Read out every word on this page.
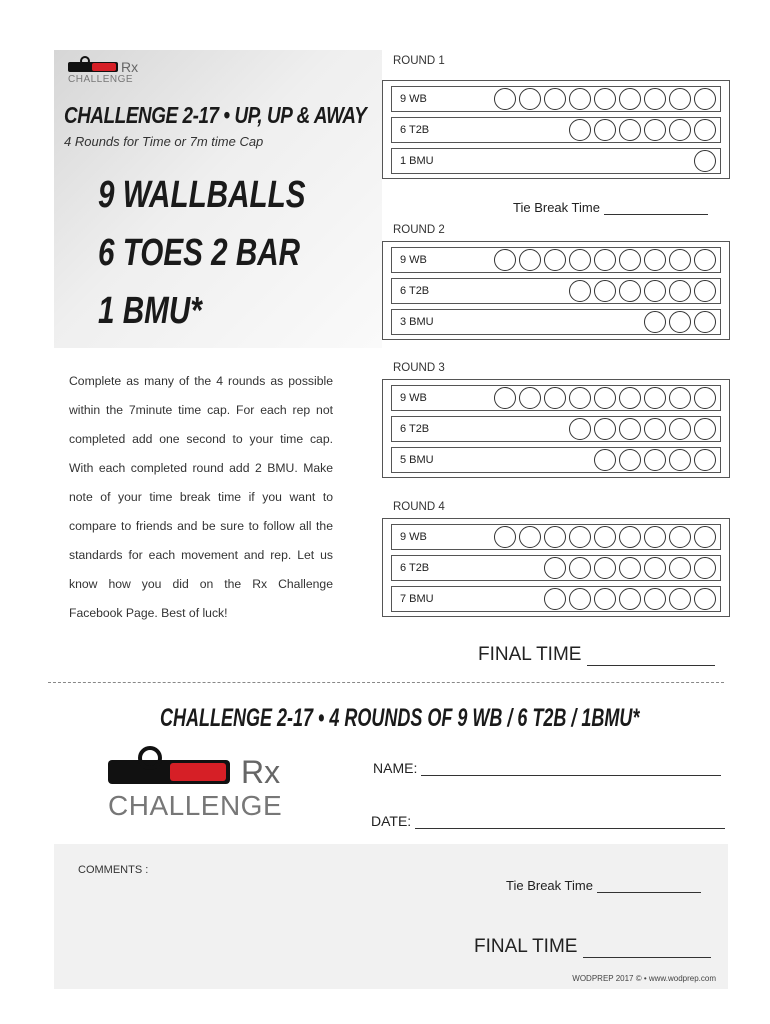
Rx
CHALLENGE
CHALLENGE 2-17 • UP, UP & AWAY
4 Rounds for Time or 7m time Cap
9 WALLBALLS
6 TOES 2 BAR
1 BMU*
Complete as many of the 4 rounds as possible within the 7minute time cap. For each rep not completed add one second to your time cap. With each completed round add 2 BMU. Make note of your time break time if you want to compare to friends and be sure to follow all the standards for each movement and rep. Let us know how you did on the Rx Challenge Facebook Page. Best of luck!
ROUND 1
9 WB
6 T2B
1 BMU
ROUND 2
9 WB
6 T2B
3 BMU
ROUND 3
9 WB
6 T2B
5 BMU
ROUND 4
9 WB
6 T2B
7 BMU
Tie Break Time
FINAL TIME
CHALLENGE 2-17 • 4 ROUNDS OF 9 WB / 6 T2B / 1BMU*
Rx
CHALLENGE
NAME:
DATE:
COMMENTS :
Tie Break Time
FINAL TIME
WODPREP 2017 © • www.wodprep.com
